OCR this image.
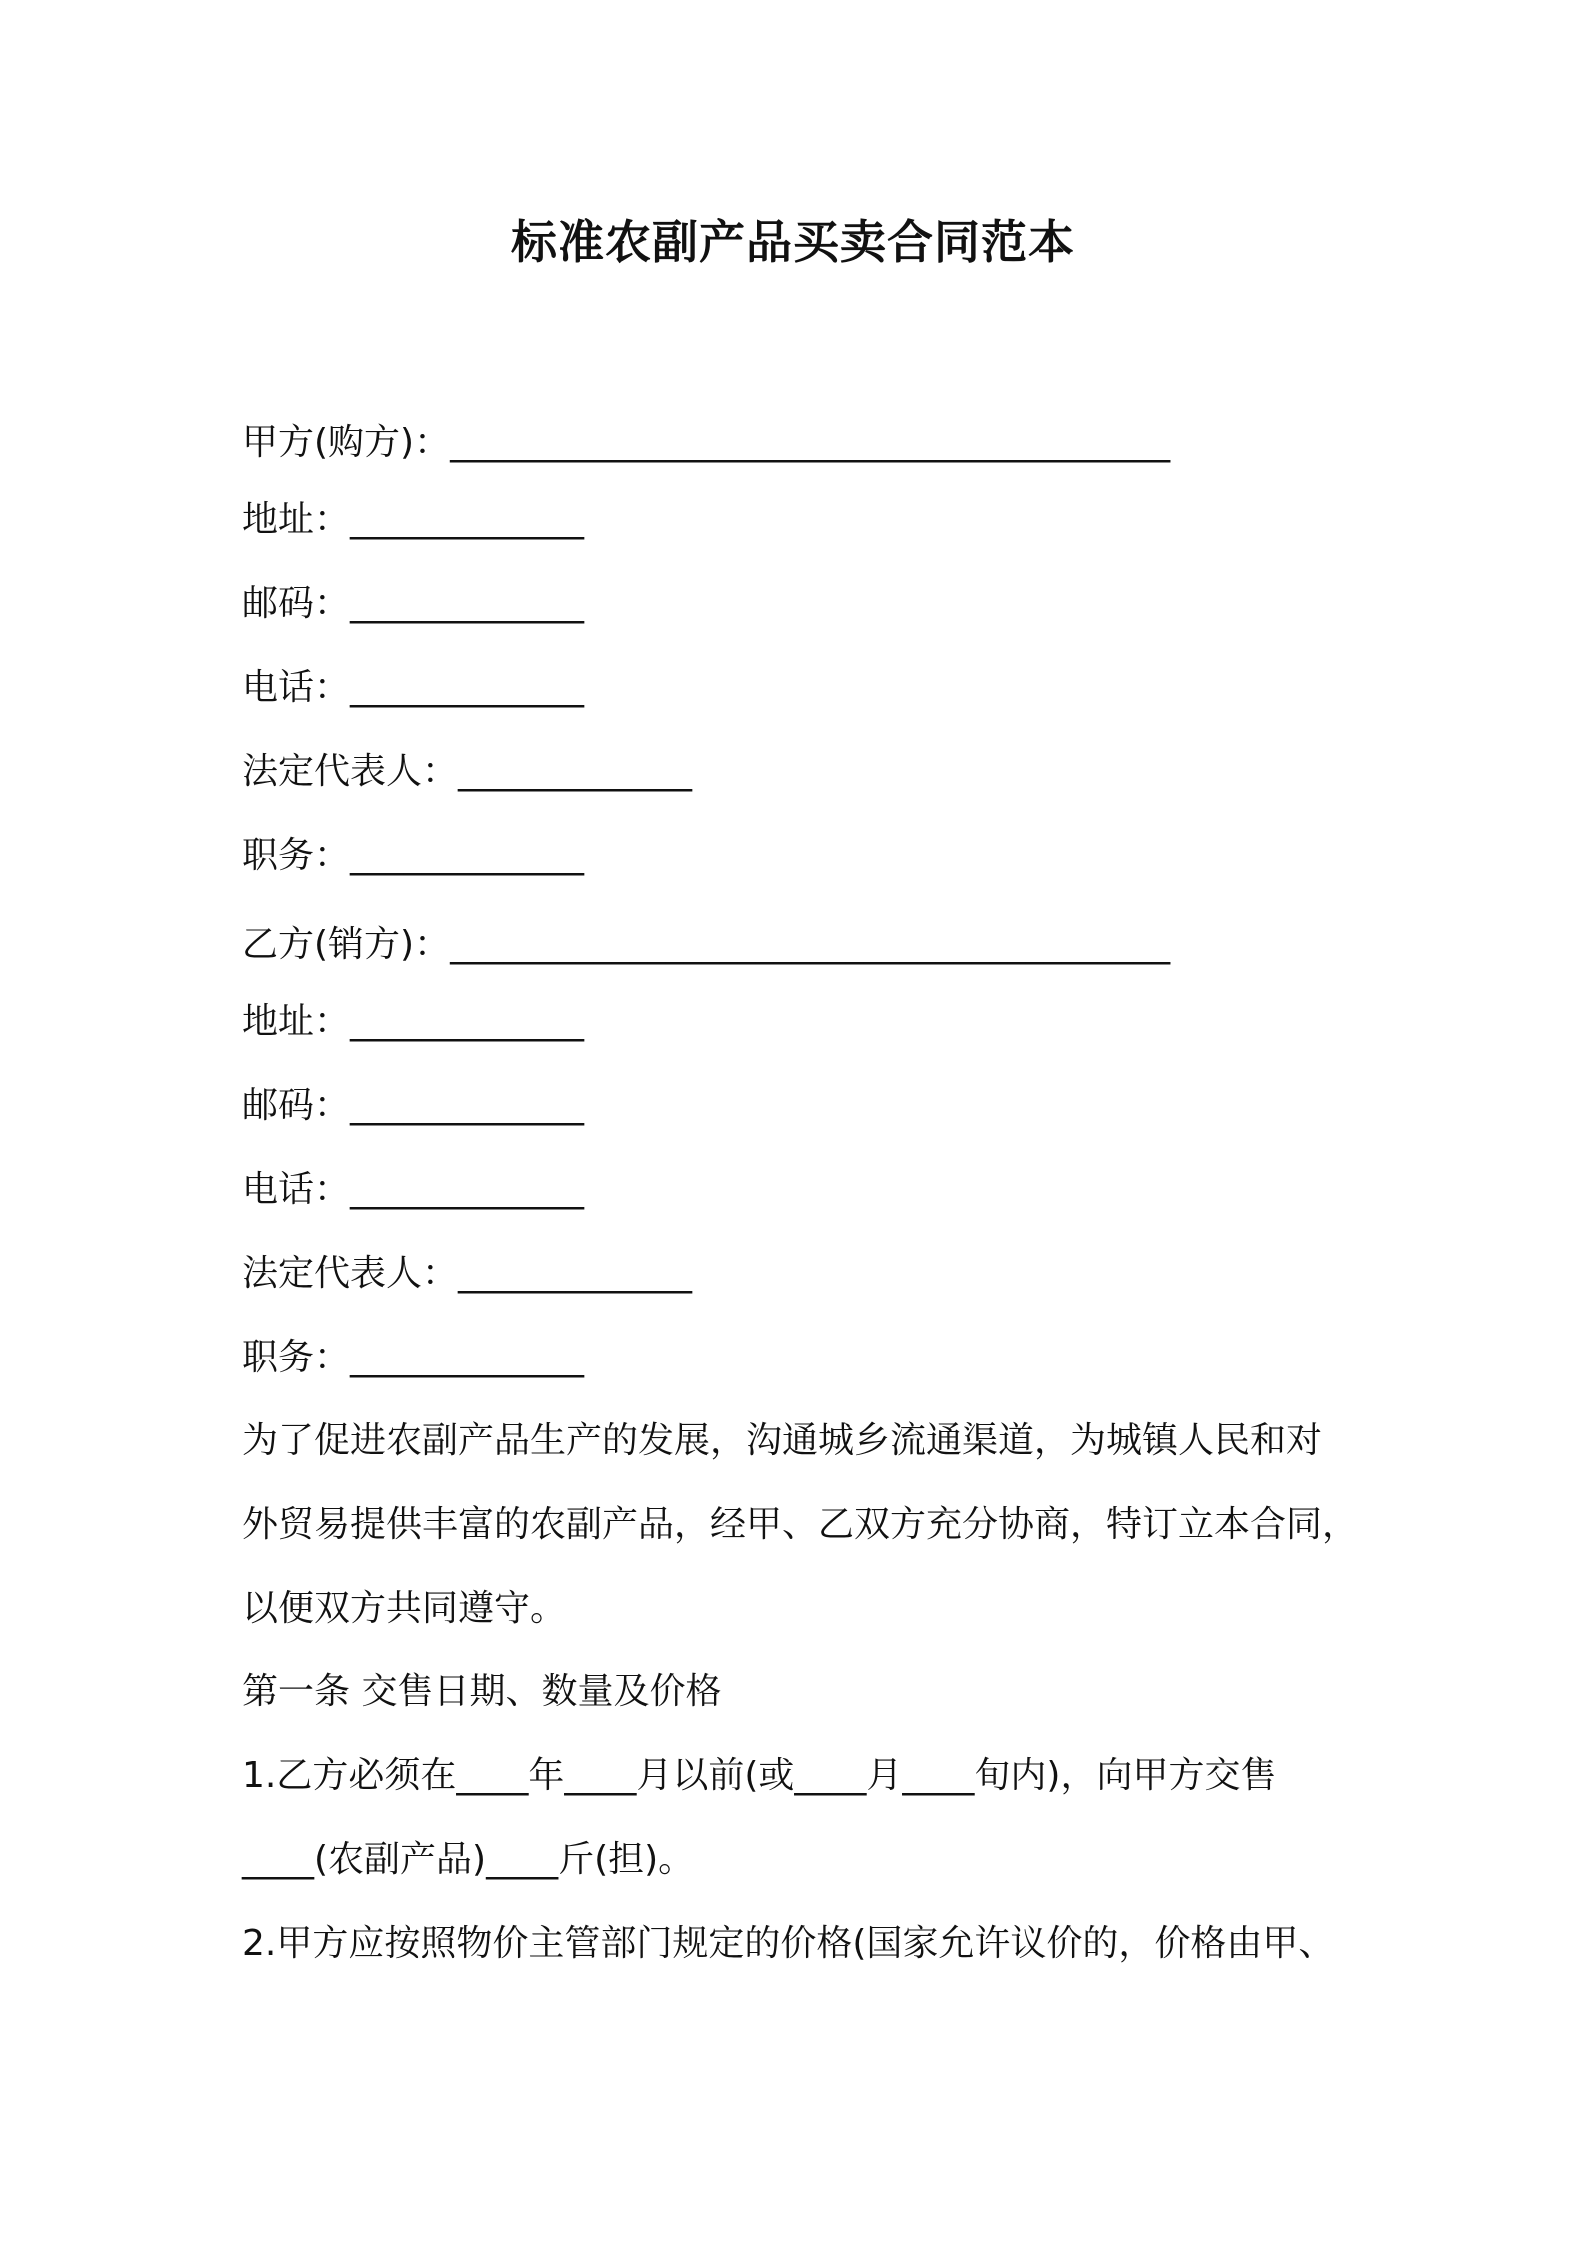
标准农副产品买卖合同范本
甲方(购方)：________________________________________
地址：_____________
邮码：_____________
电话：_____________
法定代表人：_____________
职务：_____________
乙方(销方)：________________________________________
地址：_____________
邮码：_____________
电话：_____________
法定代表人：_____________
职务：_____________
为了促进农副产品生产的发展，沟通城乡流通渠道，为城镇人民和对
外贸易提供丰富的农副产品，经甲、乙双方充分协商，特订立本合同，
以便双方共同遵守。
第一条 交售日期、数量及价格
1.乙方必须在____年____月以前(或____月____旬内)，向甲方交售
____(农副产品)____斤(担)。
2.甲方应按照物价主管部门规定的价格(国家允许议价的，价格由甲、
